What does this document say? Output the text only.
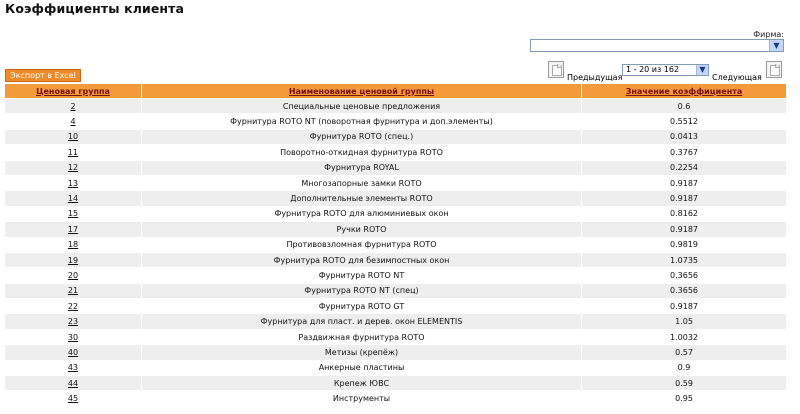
Коэффициенты клиента
Фирма:
▼
Экспорт в Excel	Предыдущая
1 - 20 из 162	▼
Следующая
Ценовая группа	Наименование ценовой группы	Значение коэффициента
2	Специальные ценовые предложения	0.6
4	Фурнитура ROTO NT (поворотная фурнитура и доп.элементы)	0.5512
10	Фурнитура ROTO (спец.)	0.0413
11	Поворотно-откидная фурнитура ROTO	0.3767
12	Фурнитура ROYAL	0.2254
13	Многозапорные замки ROTO	0.9187
14	Дополнительные элементы ROTO	0.9187
15	Фурнитура ROTO для алюминиевых окон	0.8162
17	Ручки ROTO	0.9187
18	Противовзломная фурнитура ROTO	0.9819
19	Фурнитура ROTO для безимпостных окон	1.0735
20	Фурнитура ROTO NT	0.3656
21	Фурнитура ROTO NT (спец)	0.3656
22	Фурнитура ROTO GT	0.9187
23	Фурнитура для пласт. и дерев. окон ELEMENTIS	1.05
30	Раздвижная фурнитура ROTO	1.0032
40	Метизы (крепёж)	0.57
43	Анкерные пластины	0.9
44	Крепеж ЮВС	0.59
45	Инструменты	0.95
